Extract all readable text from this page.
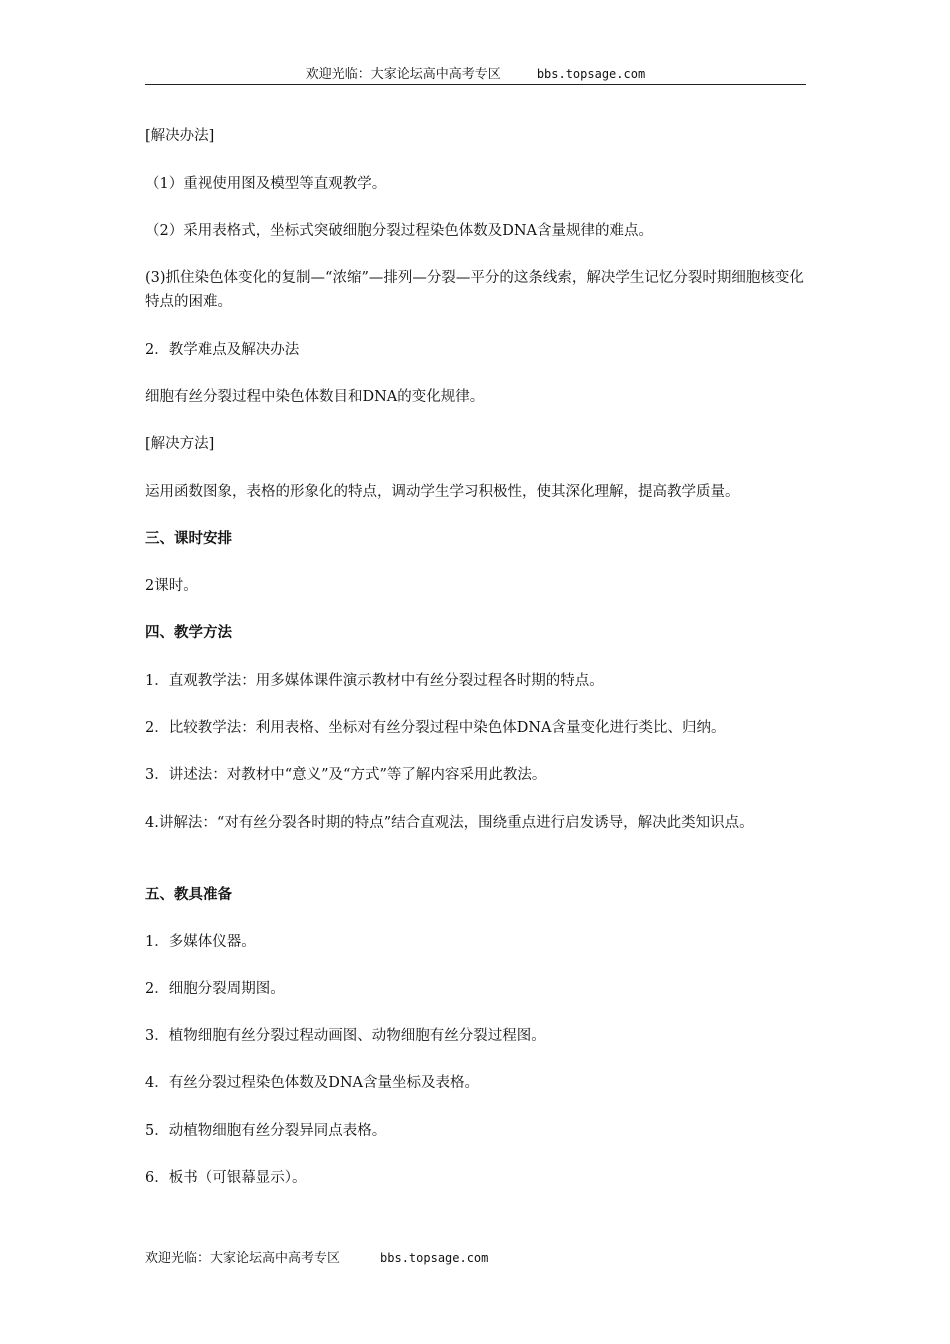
欢迎光临：大家论坛高中高考专区	bbs.topsage.com
[解决办法]
（1）重视使用图及模型等直观教学。
（2）采用表格式，坐标式突破细胞分裂过程染色体数及DNA含量规律的难点。
(3)抓住染色体变化的复制—“浓缩”—排列—分裂—平分的这条线索，解决学生记忆分裂时期细胞核变化特点的困难。
2．教学难点及解决办法
细胞有丝分裂过程中染色体数目和DNA的变化规律。
[解决方法]
运用函数图象，表格的形象化的特点，调动学生学习积极性，使其深化理解，提高教学质量。
三、课时安排
2课时。
四、教学方法
1．直观教学法：用多媒体课件演示教材中有丝分裂过程各时期的特点。
2．比较教学法：利用表格、坐标对有丝分裂过程中染色体DNA含量变化进行类比、归纳。
3．讲述法：对教材中“意义”及“方式”等了解内容采用此教法。
4.讲解法：“对有丝分裂各时期的特点”结合直观法，围绕重点进行启发诱导，解决此类知识点。
五、教具准备
1．多媒体仪器。
2．细胞分裂周期图。
3．植物细胞有丝分裂过程动画图、动物细胞有丝分裂过程图。
4．有丝分裂过程染色体数及DNA含量坐标及表格。
5．动植物细胞有丝分裂异同点表格。
6．板书（可银幕显示）。
欢迎光临：大家论坛高中高考专区	bbs.topsage.com
